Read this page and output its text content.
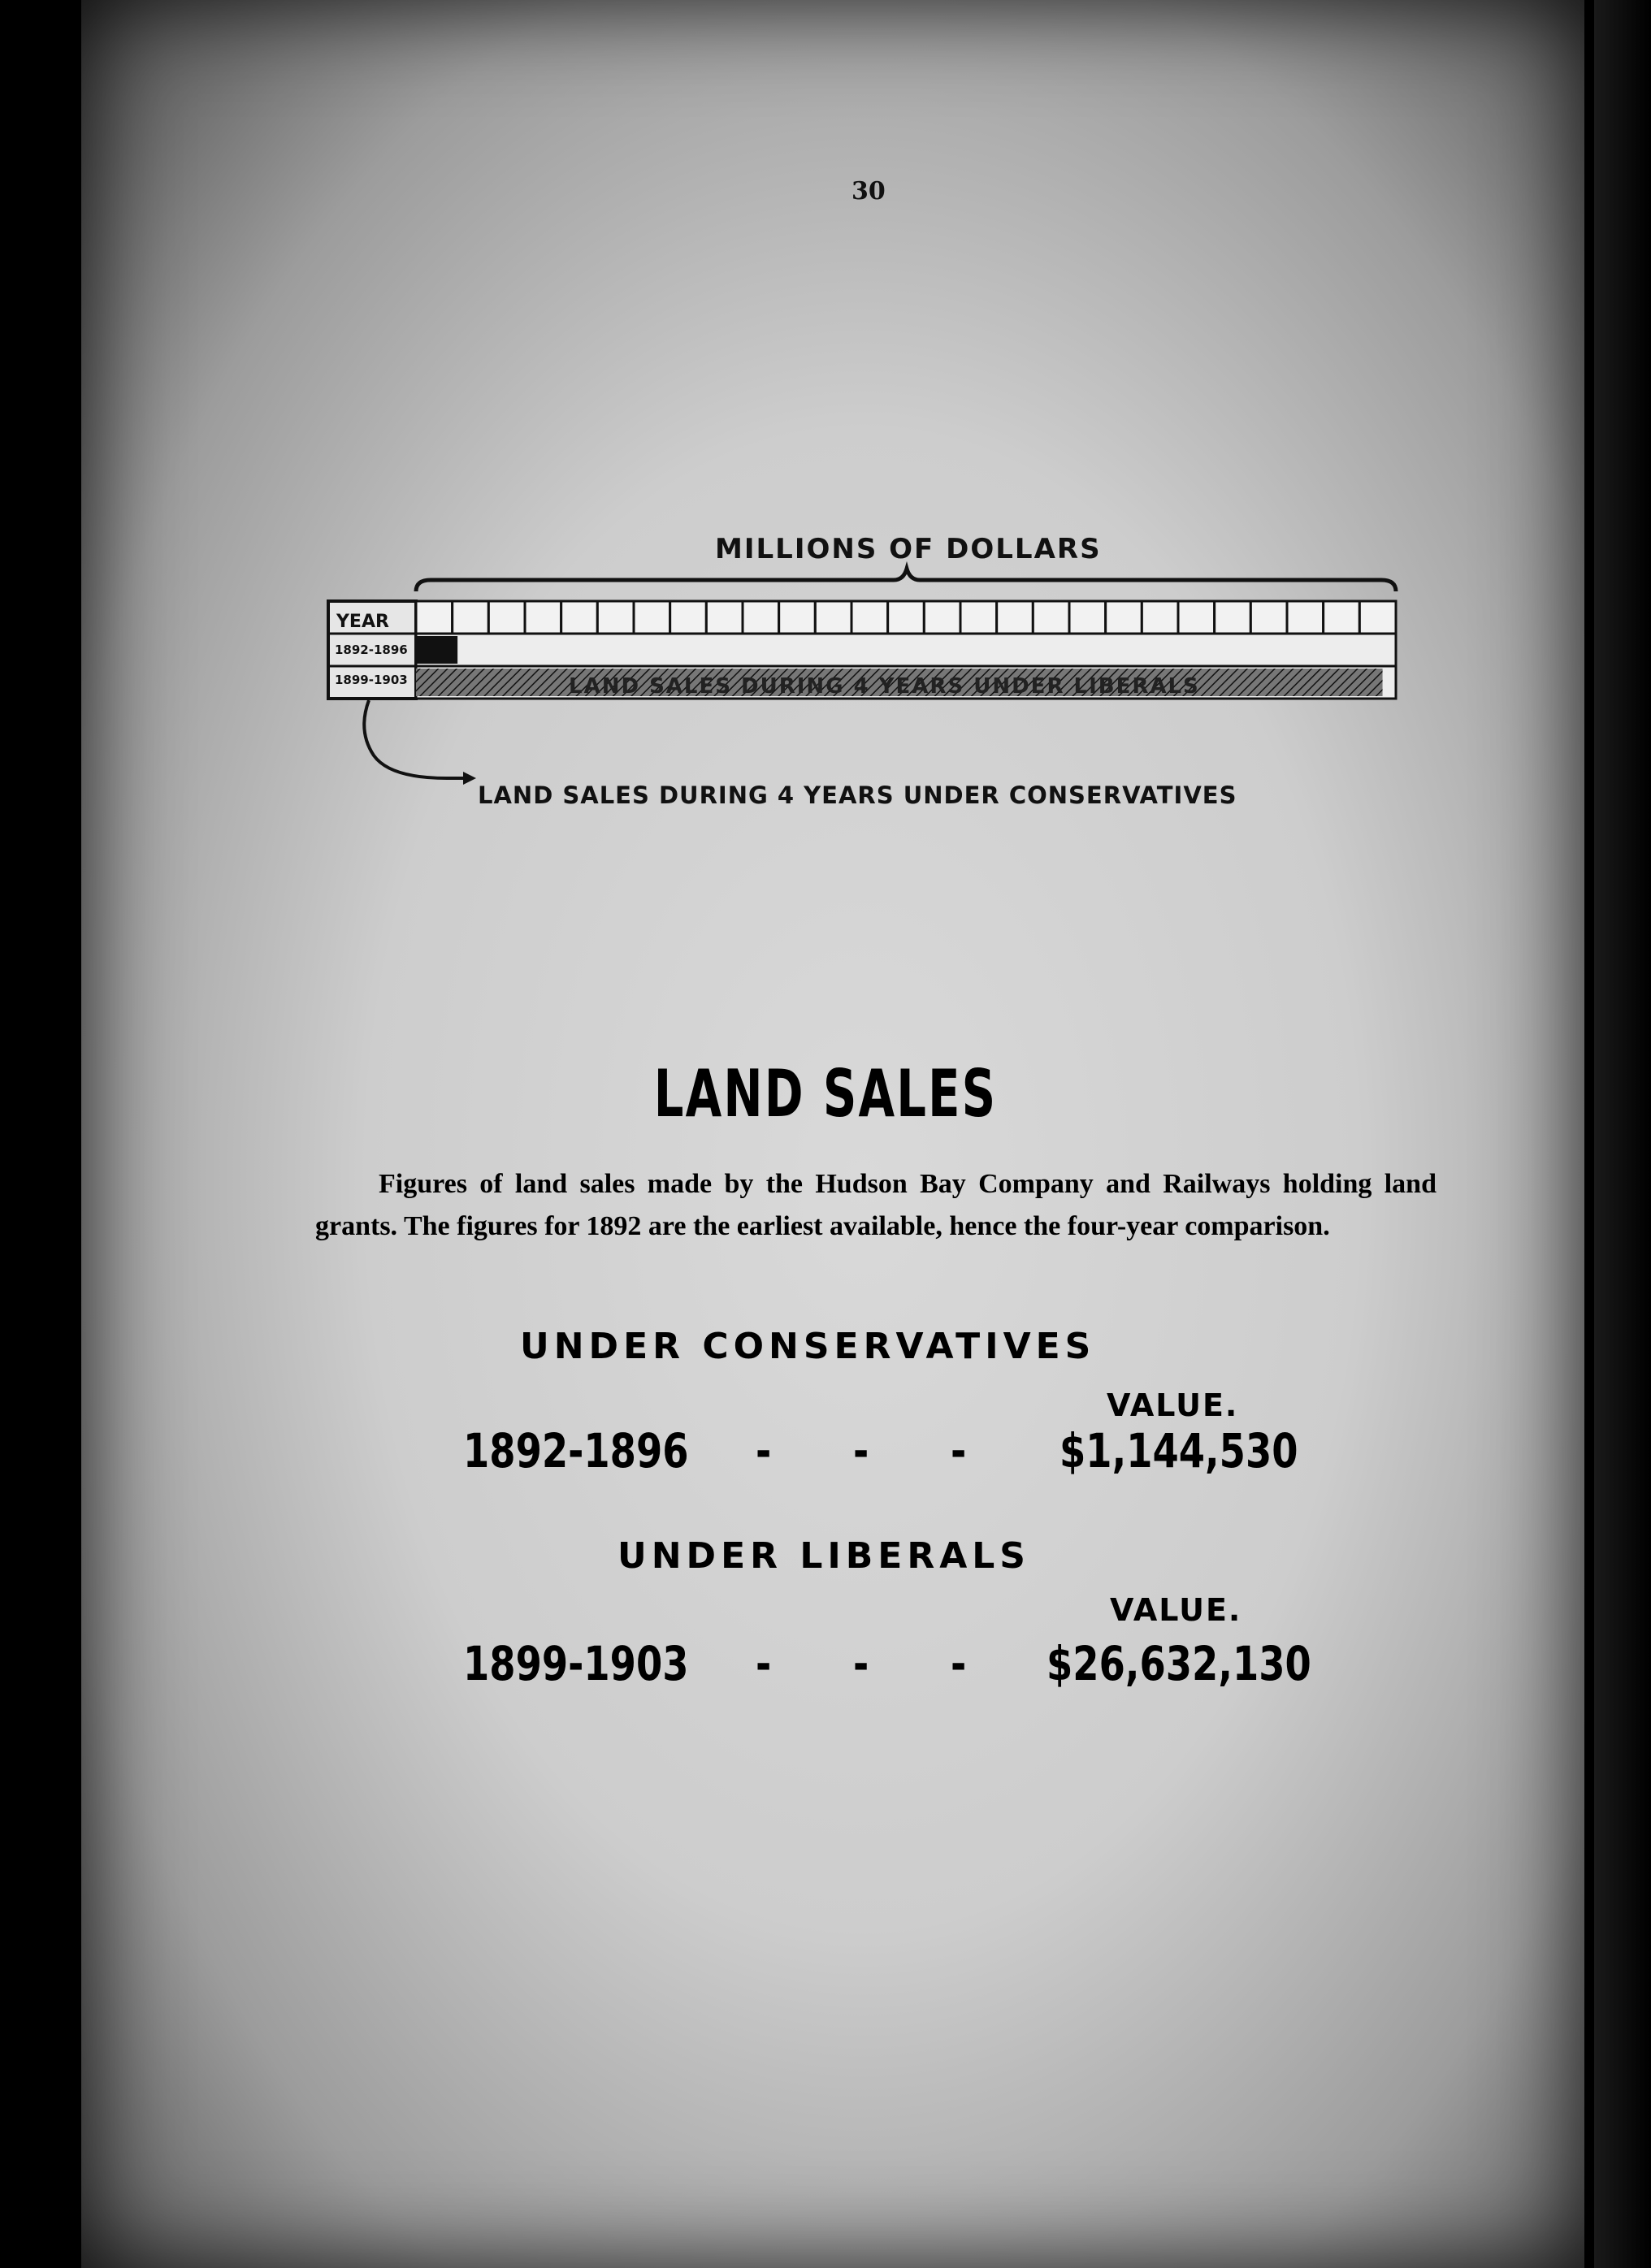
30
MILLIONS OF DOLLARS
YEAR
1892-1896
1899-1903	LAND SALES DURING 4 YEARS UNDER LIBERALS
LAND SALES DURING 4 YEARS UNDER CONSERVATIVES
LAND SALES
Figures of land sales made by the Hudson Bay Company and Railways holding land grants. The figures for 1892 are the earliest available, hence the four-year comparison.
UNDER CONSERVATIVES
VALUE.
1892-1896 - - - $1,144,530
UNDER LIBERALS
VALUE.
1899-1903 - - - $26,632,130
